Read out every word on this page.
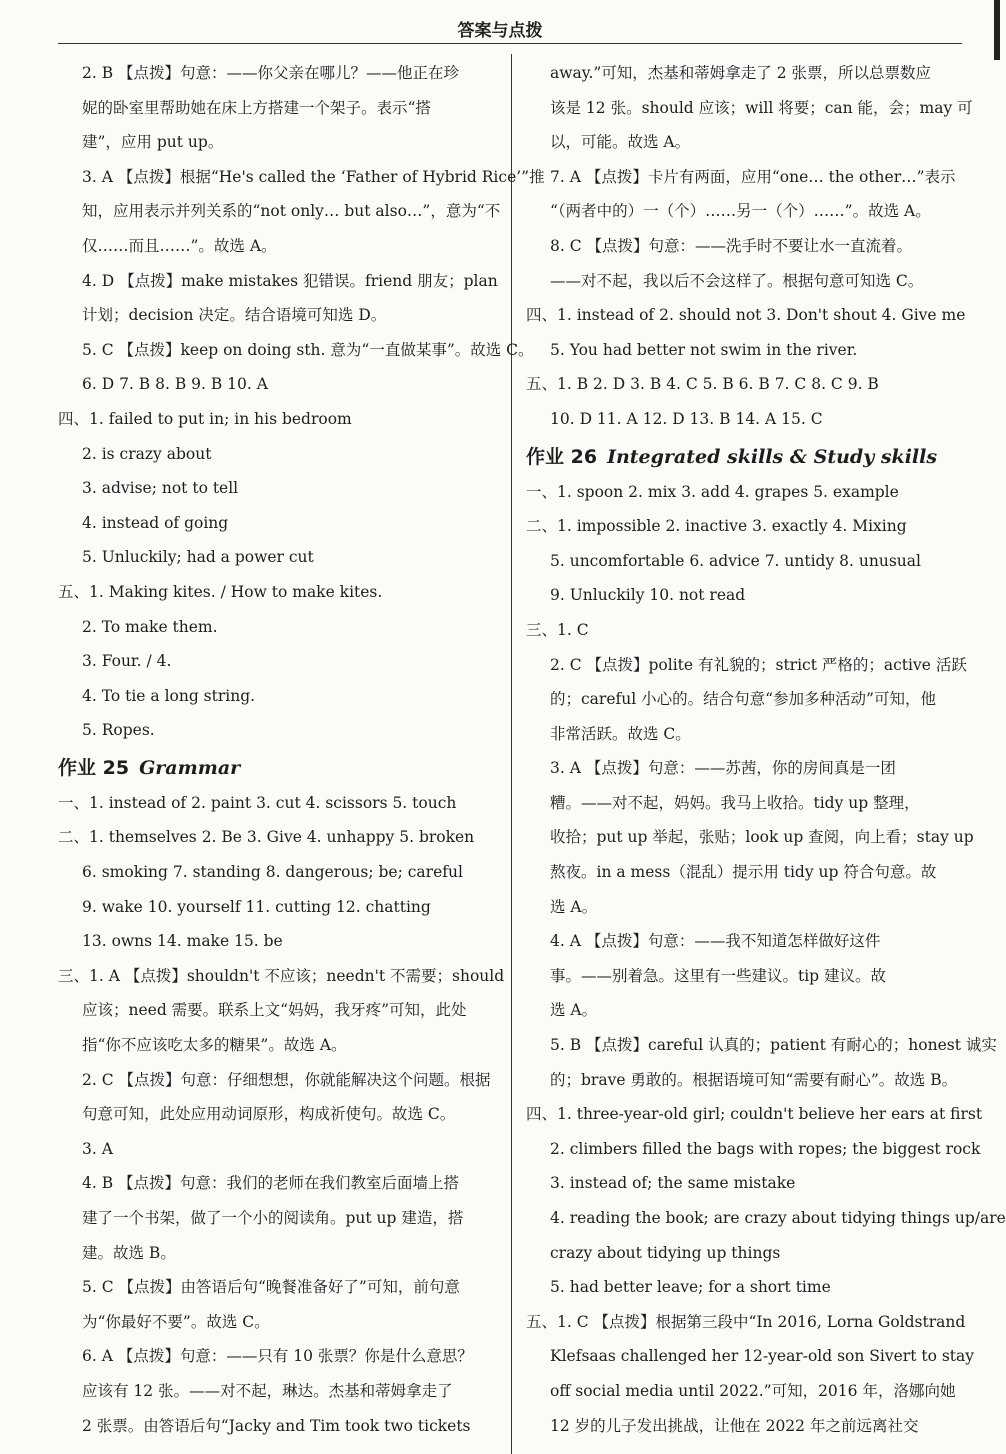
答案与点拨
2. B 【点拨】句意：——你父亲在哪儿？——他正在珍
妮的卧室里帮助她在床上方搭建一个架子。表示“搭
建”，应用 put up。
3. A 【点拨】根据“He's called the ‘Father of Hybrid Rice’”推
知，应用表示并列关系的“not only… but also…”，意为“不
仅……而且……”。故选 A。
4. D 【点拨】make mistakes 犯错误。friend 朋友；plan
计划；decision 决定。结合语境可知选 D。
5. C 【点拨】keep on doing sth. 意为“一直做某事”。故选 C。
6. D 7. B 8. B 9. B 10. A
四、1. failed to put in; in his bedroom
2. is crazy about
3. advise; not to tell
4. instead of going
5. Unluckily; had a power cut
五、1. Making kites. / How to make kites.
2. To make them.
3. Four. / 4.
4. To tie a long string.
5. Ropes.
作业 25 Grammar
一、1. instead of 2. paint 3. cut 4. scissors 5. touch
二、1. themselves 2. Be 3. Give 4. unhappy 5. broken
6. smoking 7. standing 8. dangerous; be; careful
9. wake 10. yourself 11. cutting 12. chatting
13. owns 14. make 15. be
三、1. A 【点拨】shouldn't 不应该；needn't 不需要；should
应该；need 需要。联系上文“妈妈，我牙疼”可知，此处
指“你不应该吃太多的糖果”。故选 A。
2. C 【点拨】句意：仔细想想，你就能解决这个问题。根据
句意可知，此处应用动词原形，构成祈使句。故选 C。
3. A
4. B 【点拨】句意：我们的老师在我们教室后面墙上搭
建了一个书架，做了一个小的阅读角。put up 建造，搭
建。故选 B。
5. C 【点拨】由答语后句“晚餐准备好了”可知，前句意
为“你最好不要”。故选 C。
6. A 【点拨】句意：——只有 10 张票？你是什么意思？
应该有 12 张。——对不起，琳达。杰基和蒂姆拿走了
2 张票。由答语后句“Jacky and Tim took two tickets
away.”可知，杰基和蒂姆拿走了 2 张票，所以总票数应
该是 12 张。should 应该；will 将要；can 能，会；may 可
以，可能。故选 A。
7. A 【点拨】卡片有两面，应用“one… the other…”表示
“（两者中的）一（个）……另一（个）……”。故选 A。
8. C 【点拨】句意：——洗手时不要让水一直流着。
——对不起，我以后不会这样了。根据句意可知选 C。
四、1. instead of 2. should not 3. Don't shout 4. Give me
5. You had better not swim in the river.
五、1. B 2. D 3. B 4. C 5. B 6. B 7. C 8. C 9. B
10. D 11. A 12. D 13. B 14. A 15. C
作业 26 Integrated skills & Study skills
一、1. spoon 2. mix 3. add 4. grapes 5. example
二、1. impossible 2. inactive 3. exactly 4. Mixing
5. uncomfortable 6. advice 7. untidy 8. unusual
9. Unluckily 10. not read
三、1. C
2. C 【点拨】polite 有礼貌的；strict 严格的；active 活跃
的；careful 小心的。结合句意“参加多种活动”可知，他
非常活跃。故选 C。
3. A 【点拨】句意：——苏茜，你的房间真是一团
糟。——对不起，妈妈。我马上收拾。tidy up 整理，
收拾；put up 举起，张贴；look up 查阅，向上看；stay up
熬夜。in a mess（混乱）提示用 tidy up 符合句意。故
选 A。
4. A 【点拨】句意：——我不知道怎样做好这件
事。——别着急。这里有一些建议。tip 建议。故
选 A。
5. B 【点拨】careful 认真的；patient 有耐心的；honest 诚实
的；brave 勇敢的。根据语境可知“需要有耐心”。故选 B。
四、1. three-year-old girl; couldn't believe her ears at first
2. climbers filled the bags with ropes; the biggest rock
3. instead of; the same mistake
4. reading the book; are crazy about tidying things up/are
crazy about tidying up things
5. had better leave; for a short time
五、1. C 【点拨】根据第三段中“In 2016, Lorna Goldstrand
Klefsaas challenged her 12-year-old son Sivert to stay
off social media until 2022.”可知，2016 年，洛娜向她
12 岁的儿子发出挑战，让他在 2022 年之前远离社交
